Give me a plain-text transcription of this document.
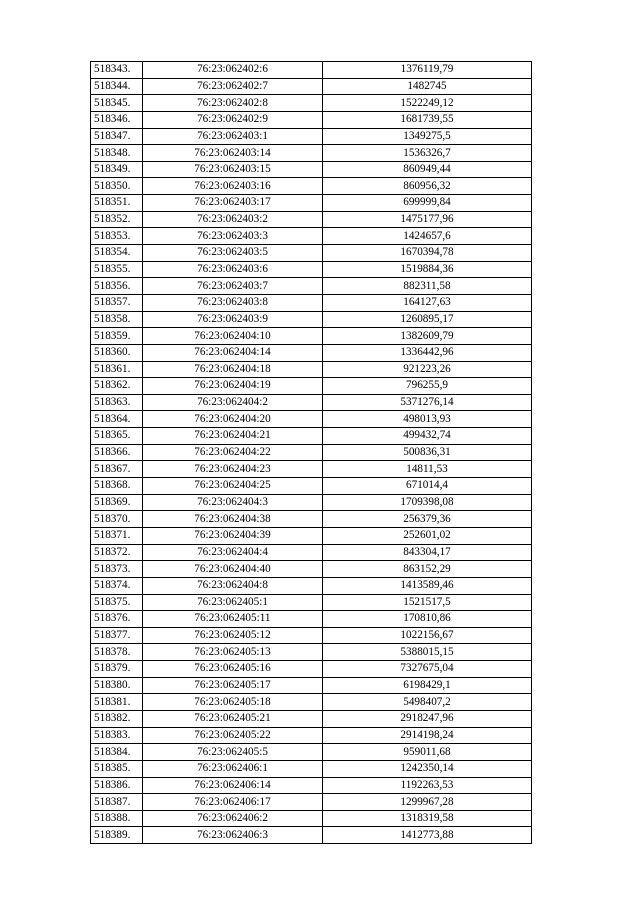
518343.	76:23:062402:6	1376119,79
518344.	76:23:062402:7	1482745
518345.	76:23:062402:8	1522249,12
518346.	76:23:062402:9	1681739,55
518347.	76:23:062403:1	1349275,5
518348.	76:23:062403:14	1536326,7
518349.	76:23:062403:15	860949,44
518350.	76:23:062403:16	860956,32
518351.	76:23:062403:17	699999,84
518352.	76:23:062403:2	1475177,96
518353.	76:23:062403:3	1424657,6
518354.	76:23:062403:5	1670394,78
518355.	76:23:062403:6	1519884,36
518356.	76:23:062403:7	882311,58
518357.	76:23:062403:8	164127,63
518358.	76:23:062403:9	1260895,17
518359.	76:23:062404:10	1382609,79
518360.	76:23:062404:14	1336442,96
518361.	76:23:062404:18	921223,26
518362.	76:23:062404:19	796255,9
518363.	76:23:062404:2	5371276,14
518364.	76:23:062404:20	498013,93
518365.	76:23:062404:21	499432,74
518366.	76:23:062404:22	500836,31
518367.	76:23:062404:23	14811,53
518368.	76:23:062404:25	671014,4
518369.	76:23:062404:3	1709398,08
518370.	76:23:062404:38	256379,36
518371.	76:23:062404:39	252601,02
518372.	76:23:062404:4	843304,17
518373.	76:23:062404:40	863152,29
518374.	76:23:062404:8	1413589,46
518375.	76:23:062405:1	1521517,5
518376.	76:23:062405:11	170810,86
518377.	76:23:062405:12	1022156,67
518378.	76:23:062405:13	5388015,15
518379.	76:23:062405:16	7327675,04
518380.	76:23:062405:17	6198429,1
518381.	76:23:062405:18	5498407,2
518382.	76:23:062405:21	2918247,96
518383.	76:23:062405:22	2914198,24
518384.	76:23:062405:5	959011,68
518385.	76:23:062406:1	1242350,14
518386.	76:23:062406:14	1192263,53
518387.	76:23:062406:17	1299967,28
518388.	76:23:062406:2	1318319,58
518389.	76:23:062406:3	1412773,88
